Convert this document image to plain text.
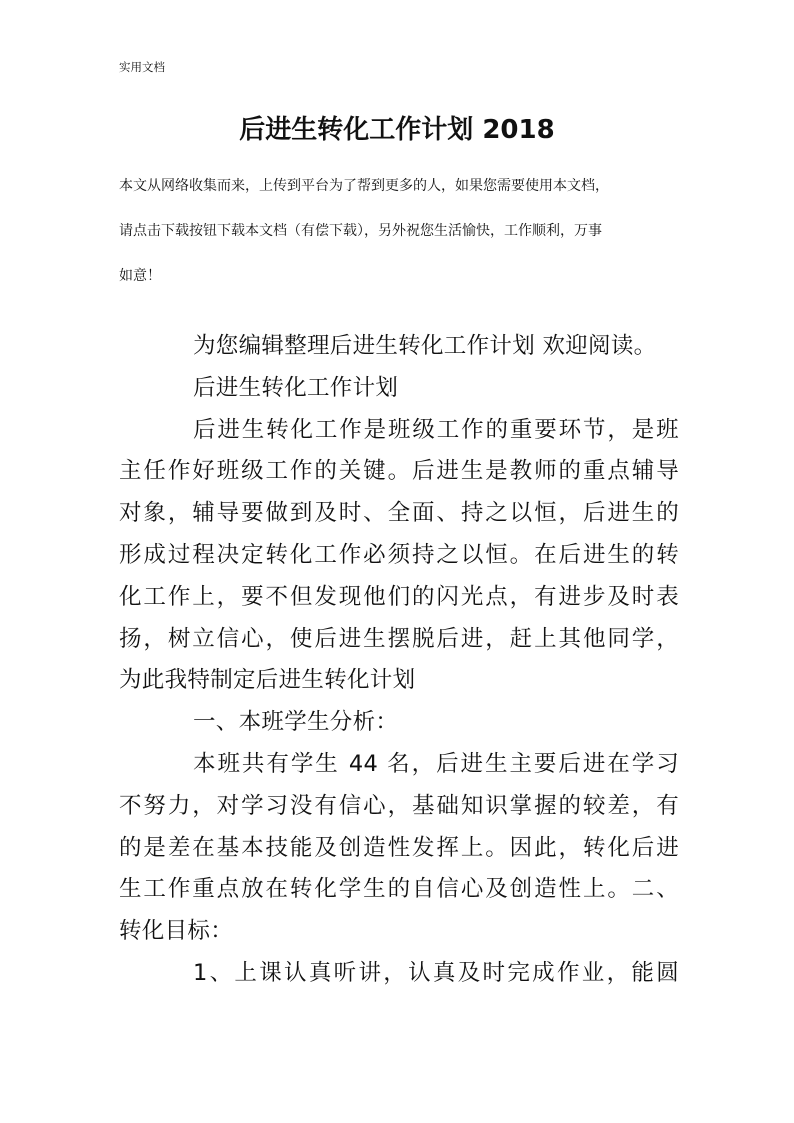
实用文档
后进生转化工作计划 2018
本文从网络收集而来，上传到平台为了帮到更多的人，如果您需要使用本文档，
请点击下载按钮下载本文档（有偿下载），另外祝您生活愉快，工作顺利，万事
如意！
为您编辑整理后进生转化工作计划 欢迎阅读。
后进生转化工作计划
后进生转化工作是班级工作的重要环节，是班
主任作好班级工作的关键。后进生是教师的重点辅导
对象，辅导要做到及时、全面、持之以恒，后进生的
形成过程决定转化工作必须持之以恒。在后进生的转
化工作上，要不但发现他们的闪光点，有进步及时表
扬，树立信心，使后进生摆脱后进，赶上其他同学，
为此我特制定后进生转化计划
一、本班学生分析：
本班共有学生 44 名，后进生主要后进在学习
不努力，对学习没有信心，基础知识掌握的较差，有
的是差在基本技能及创造性发挥上。因此，转化后进
生工作重点放在转化学生的自信心及创造性上。二、
转化目标：
1、上课认真听讲，认真及时完成作业，能圆
